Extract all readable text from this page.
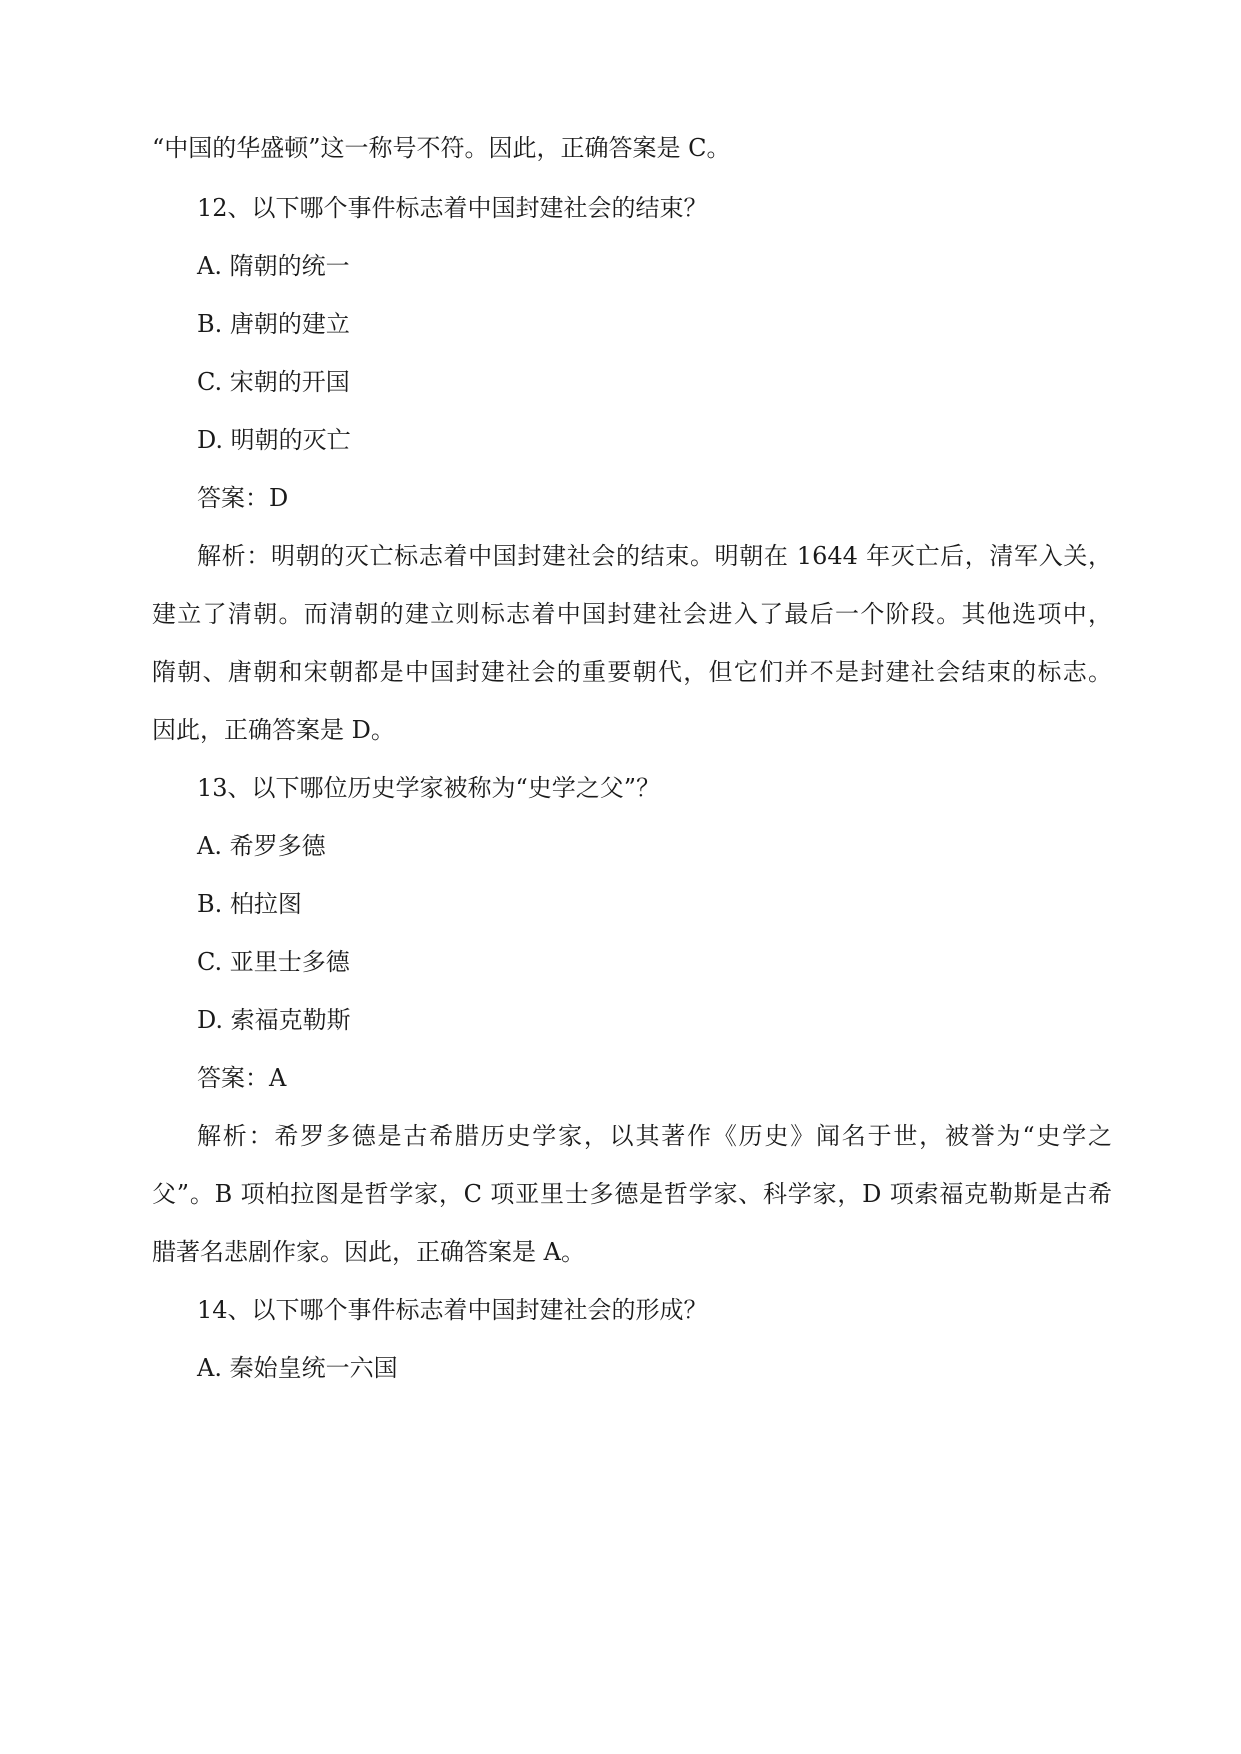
“中国的华盛顿”这一称号不符。因此，正确答案是 C。
12、以下哪个事件标志着中国封建社会的结束？
A. 隋朝的统一
B. 唐朝的建立
C. 宋朝的开国
D. 明朝的灭亡
答案：D
解析：明朝的灭亡标志着中国封建社会的结束。明朝在 1644 年灭亡后，清军入关，
建立了清朝。而清朝的建立则标志着中国封建社会进入了最后一个阶段。其他选项中，
隋朝、唐朝和宋朝都是中国封建社会的重要朝代，但它们并不是封建社会结束的标志。
因此，正确答案是 D。
13、以下哪位历史学家被称为“史学之父”？
A. 希罗多德
B. 柏拉图
C. 亚里士多德
D. 索福克勒斯
答案：A
解析：希罗多德是古希腊历史学家，以其著作《历史》闻名于世，被誉为“史学之
父”。B 项柏拉图是哲学家，C 项亚里士多德是哲学家、科学家，D 项索福克勒斯是古希
腊著名悲剧作家。因此，正确答案是 A。
14、以下哪个事件标志着中国封建社会的形成？
A. 秦始皇统一六国
